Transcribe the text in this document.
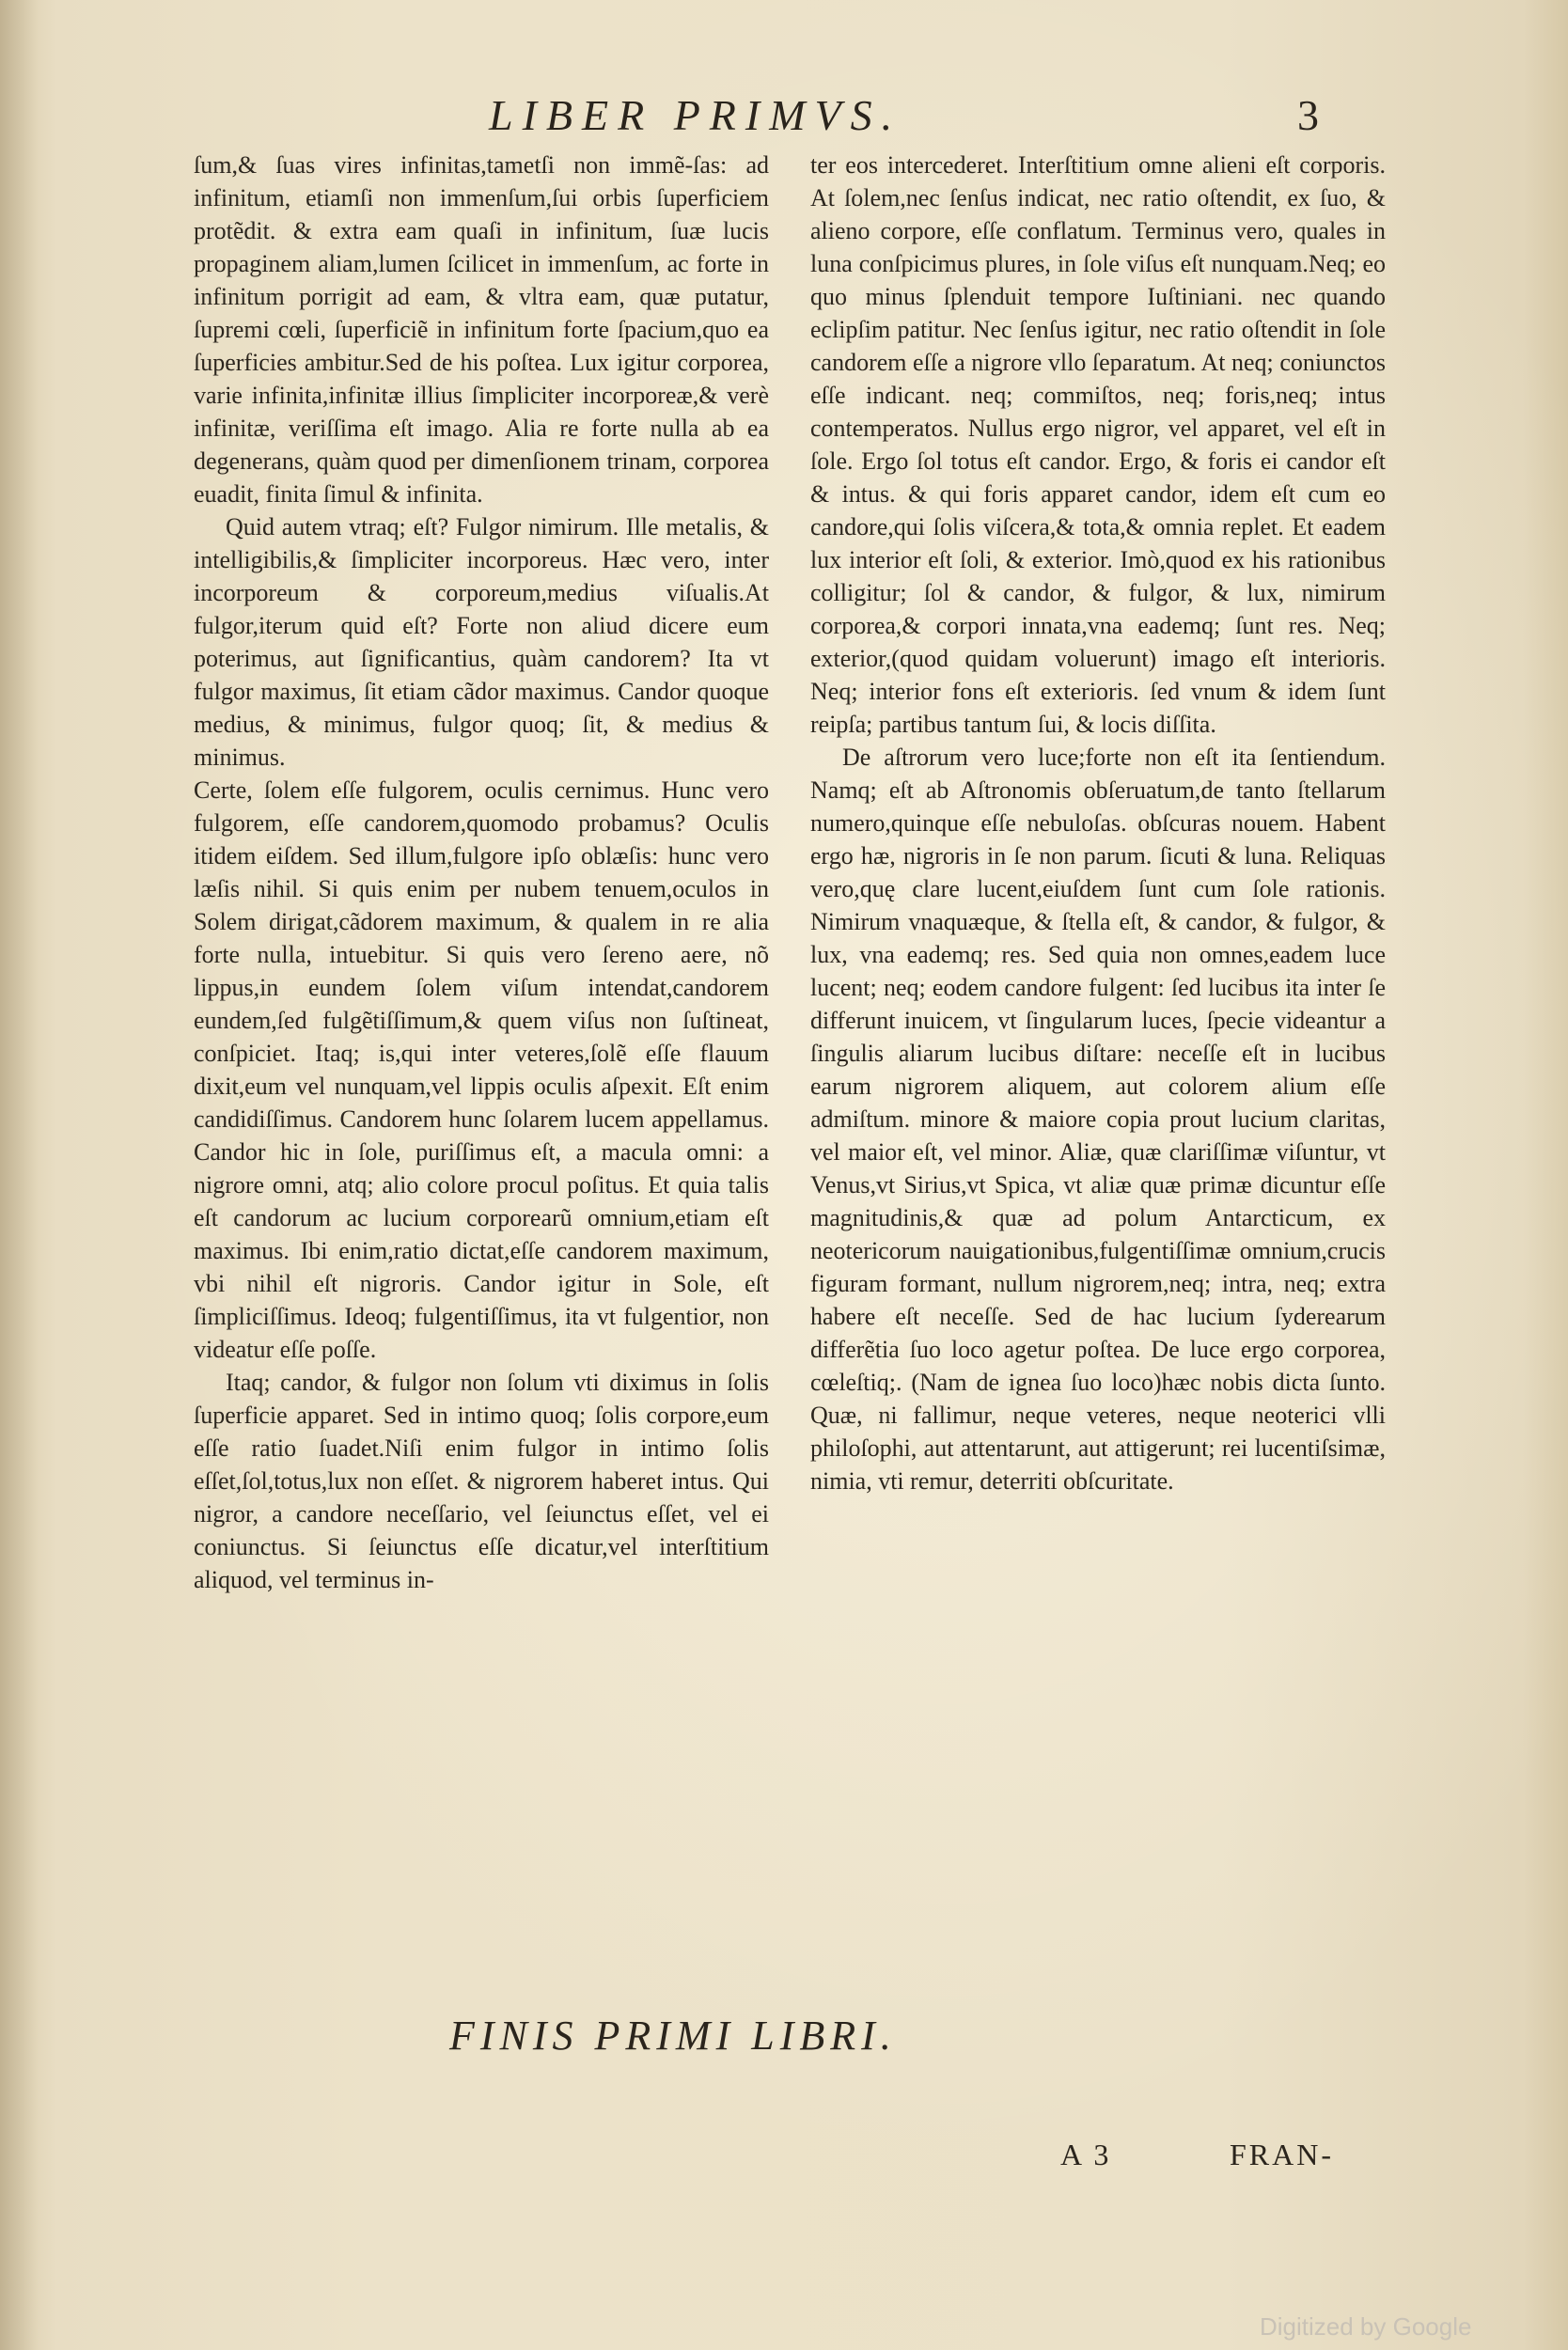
LIBER PRIMVS.	3

ſum,& ſuas vires infinitas,tametſi non immẽ-ſas: ad infinitum, etiamſi non immenſum,ſui orbis ſuperficiem protẽdit. & extra eam quaſi in infinitum, ſuæ lucis propaginem aliam,lumen ſcilicet in immenſum, ac forte in infinitum porrigit ad eam, & vltra eam, quæ putatur, ſupremi cœli, ſuperficiẽ in infinitum forte ſpacium,quo ea ſuperficies ambitur.Sed de his poſtea. Lux igitur corporea, varie infinita,infinitæ illius ſimpliciter incorporeæ,& verè infinitæ, veriſſima eſt imago. Alia re forte nulla ab ea degenerans, quàm quod per dimenſionem trinam, corporea euadit, finita ſimul & infinita.

Quid autem vtraq; eſt? Fulgor nimirum. Ille metalis, & intelligibilis,& ſimpliciter incorporeus. Hæc vero, inter incorporeum & corporeum,medius viſualis.At fulgor,iterum quid eſt? Forte non aliud dicere eum poterimus, aut ſignificantius, quàm candorem? Ita vt fulgor maximus, ſit etiam cãdor maximus. Candor quoque medius, & minimus, fulgor quoq; ſit, & medius & minimus.

Certe, ſolem eſſe fulgorem, oculis cernimus. Hunc vero fulgorem, eſſe candorem,quomodo probamus? Oculis itidem eiſdem. Sed illum,fulgore ipſo oblæſis: hunc vero læſis nihil. Si quis enim per nubem tenuem,oculos in Solem dirigat,cãdorem maximum, & qualem in re alia forte nulla, intuebitur. Si quis vero ſereno aere, nõ lippus,in eundem ſolem viſum intendat,candorem eundem,ſed fulgẽtiſſimum,& quem viſus non ſuſtineat, conſpiciet. Itaq; is,qui inter veteres,ſolẽ eſſe flauum dixit,eum vel nunquam,vel lippis oculis aſpexit. Eſt enim candidiſſimus. Candorem hunc ſolarem lucem appellamus. Candor hic in ſole, puriſſimus eſt, a macula omni: a nigrore omni, atq; alio colore procul poſitus. Et quia talis eſt candorum ac lucium corporearũ omnium,etiam eſt maximus. Ibi enim,ratio dictat,eſſe candorem maximum, vbi nihil eſt nigroris. Candor igitur in Sole, eſt ſimpliciſſimus. Ideoq; fulgentiſſimus, ita vt fulgentior, non videatur eſſe poſſe.

Itaq; candor, & fulgor non ſolum vti diximus in ſolis ſuperficie apparet. Sed in intimo quoq; ſolis corpore,eum eſſe ratio ſuadet.Niſi enim fulgor in intimo ſolis eſſet,ſol,totus,lux non eſſet. & nigrorem haberet intus. Qui nigror, a candore neceſſario, vel ſeiunctus eſſet, vel ei coniunctus. Si ſeiunctus eſſe dicatur,vel interſtitium aliquod, vel terminus in-

ter eos intercederet. Interſtitium omne alieni eſt corporis. At ſolem,nec ſenſus indicat, nec ratio oſtendit, ex ſuo, & alieno corpore, eſſe conflatum. Terminus vero, quales in luna conſpicimus plures, in ſole viſus eſt nunquam.Neq; eo quo minus ſplenduit tempore Iuſtiniani. nec quando eclipſim patitur. Nec ſenſus igitur, nec ratio oſtendit in ſole candorem eſſe a nigrore vllo ſeparatum. At neq; coniunctos eſſe indicant. neq; commiſtos, neq; foris,neq; intus contemperatos. Nullus ergo nigror, vel apparet, vel eſt in ſole. Ergo ſol totus eſt candor. Ergo, & foris ei candor eſt & intus. & qui foris apparet candor, idem eſt cum eo candore,qui ſolis viſcera,& tota,& omnia replet. Et eadem lux interior eſt ſoli, & exterior. Imò,quod ex his rationibus colligitur; ſol & candor, & fulgor, & lux, nimirum corporea,& corpori innata,vna eademq; ſunt res. Neq; exterior,(quod quidam voluerunt) imago eſt interioris. Neq; interior fons eſt exterioris. ſed vnum & idem ſunt reipſa; partibus tantum ſui, & locis diſſita.

De aſtrorum vero luce;forte non eſt ita ſentiendum. Namq; eſt ab Aſtronomis obſeruatum,de tanto ſtellarum numero,quinque eſſe nebuloſas. obſcuras nouem. Habent ergo hæ, nigroris in ſe non parum. ſicuti & luna. Reliquas vero,quę clare lucent,eiuſdem ſunt cum ſole rationis. Nimirum vnaquæque, & ſtella eſt, & candor, & fulgor, & lux, vna eademq; res. Sed quia non omnes,eadem luce lucent; neq; eodem candore fulgent: ſed lucibus ita inter ſe differunt inuicem, vt ſingularum luces, ſpecie videantur a ſingulis aliarum lucibus diſtare: neceſſe eſt in lucibus earum nigrorem aliquem, aut colorem alium eſſe admiſtum. minore & maiore copia prout lucium claritas, vel maior eſt, vel minor. Aliæ, quæ clariſſimæ viſuntur, vt Venus,vt Sirius,vt Spica, vt aliæ quæ primæ dicuntur eſſe magnitudinis,& quæ ad polum Antarcticum, ex neotericorum nauigationibus,fulgentiſſimæ omnium,crucis figuram formant, nullum nigrorem,neq; intra, neq; extra habere eſt neceſſe. Sed de hac lucium ſyderearum differẽtia ſuo loco agetur poſtea. De luce ergo corporea, cœleſtiq;. (Nam de ignea ſuo loco)hæc nobis dicta ſunto. Quæ, ni fallimur, neque veteres, neque neoterici vlli philoſophi, aut attentarunt, aut attigerunt; rei lucentiſsimæ, nimia, vti remur, deterriti obſcuritate.

FINIS PRIMI LIBRI.
A 3	FRAN-
Digitized by Google
